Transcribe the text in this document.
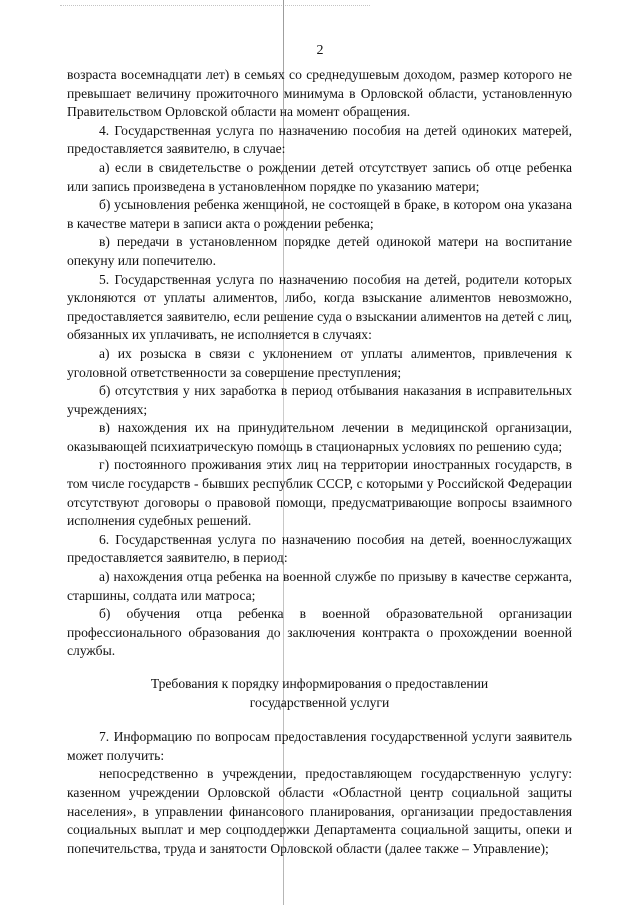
2

возраста восемнадцати лет) в семьях со среднедушевым доходом, размер которого не превышает величину прожиточного минимума в Орловской области, установленную Правительством Орловской области на момент обращения.

4. Государственная услуга по назначению пособия на детей одиноких матерей, предоставляется заявителю, в случае:

а) если в свидетельстве о рождении детей отсутствует запись об отце ребенка или запись произведена в установленном порядке по указанию матери;

б) усыновления ребенка женщиной, не состоящей в браке, в котором она указана в качестве матери в записи акта о рождении ребенка;

в) передачи в установленном порядке детей одинокой матери на воспитание опекуну или попечителю.

5. Государственная услуга по назначению пособия на детей, родители которых уклоняются от уплаты алиментов, либо, когда взыскание алиментов невозможно, предоставляется заявителю, если решение суда о взыскании алиментов на детей с лиц, обязанных их уплачивать, не исполняется в случаях:

а) их розыска в связи с уклонением от уплаты алиментов, привлечения к уголовной ответственности за совершение преступления;

б) отсутствия у них заработка в период отбывания наказания в исправительных учреждениях;

в) нахождения их на принудительном лечении в медицинской организации, оказывающей психиатрическую помощь в стационарных условиях по решению суда;

г) постоянного проживания этих лиц на территории иностранных государств, в том числе государств - бывших республик СССР, с которыми у Российской Федерации отсутствуют договоры о правовой помощи, предусматривающие вопросы взаимного исполнения судебных решений.

6. Государственная услуга по назначению пособия на детей, военнослужащих предоставляется заявителю, в период:

а) нахождения отца ребенка на военной службе по призыву в качестве сержанта, старшины, солдата или матроса;

б) обучения отца ребенка в военной образовательной организации профессионального образования до заключения контракта о прохождении военной службы.

Требования к порядку информирования о предоставлении
государственной услуги

7. Информацию по вопросам предоставления государственной услуги заявитель может получить:

непосредственно в учреждении, предоставляющем государственную услугу: казенном учреждении Орловской области «Областной центр социальной защиты населения», в управлении финансового планирования, организации предоставления социальных выплат и мер соцподдержки Департамента социальной защиты, опеки и попечительства, труда и занятости Орловской области (далее также – Управление);
